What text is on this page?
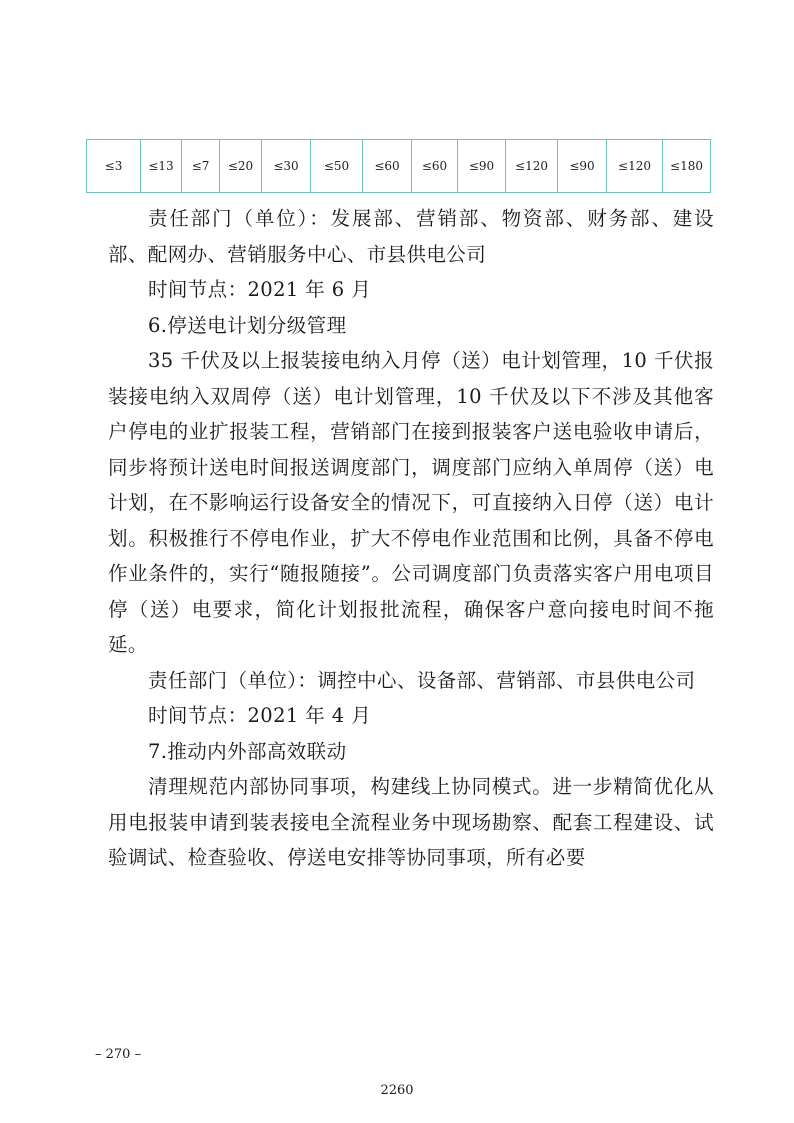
≤3	≤13	≤7	≤20	≤30	≤50	≤60	≤60	≤90	≤120	≤90	≤120	≤180

责任部门（单位）：发展部、营销部、物资部、财务部、建设部、配网办、营销服务中心、市县供电公司

时间节点：2021 年 6 月

6.停送电计划分级管理

35 千伏及以上报装接电纳入月停（送）电计划管理，10 千伏报装接电纳入双周停（送）电计划管理，10 千伏及以下不涉及其他客户停电的业扩报装工程，营销部门在接到报装客户送电验收申请后，同步将预计送电时间报送调度部门，调度部门应纳入单周停（送）电计划，在不影响运行设备安全的情况下，可直接纳入日停（送）电计划。积极推行不停电作业，扩大不停电作业范围和比例，具备不停电作业条件的，实行“随报随接”。公司调度部门负责落实客户用电项目停（送）电要求，简化计划报批流程，确保客户意向接电时间不拖延。

责任部门（单位）：调控中心、设备部、营销部、市县供电公司

时间节点：2021 年 4 月

7.推动内外部高效联动

清理规范内部协同事项，构建线上协同模式。进一步精简优化从用电报装申请到装表接电全流程业务中现场勘察、配套工程建设、试验调试、检查验收、停送电安排等协同事项，所有必要

– 270 –
2260
